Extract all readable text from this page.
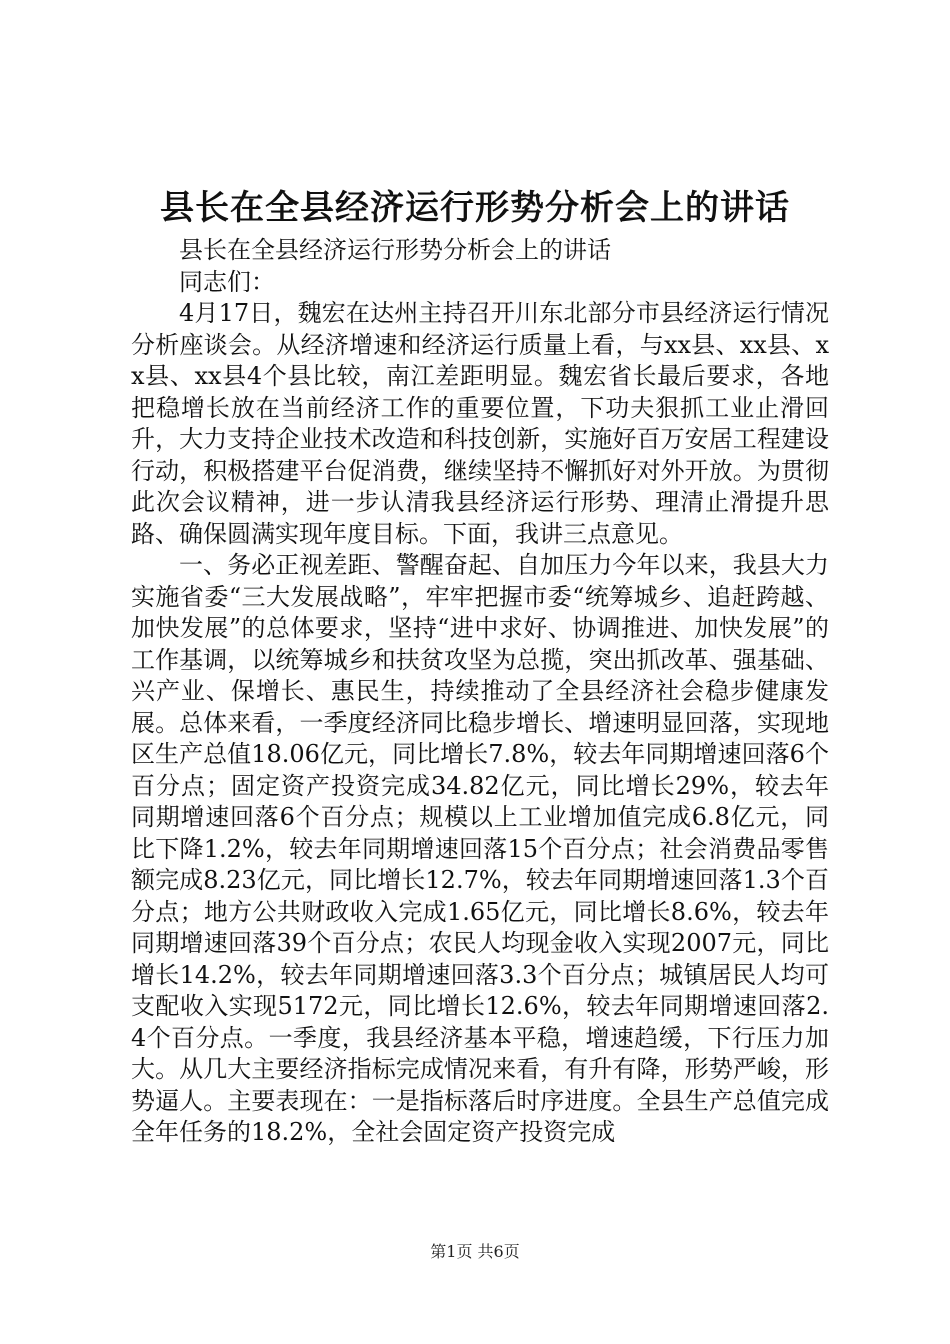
县长在全县经济运行形势分析会上的讲话

县长在全县经济运行形势分析会上的讲话

同志们：

4月17日，魏宏在达州主持召开川东北部分市县经济运行情况分析座谈会。从经济增速和经济运行质量上看，与xx县、xx县、xx县、xx县4个县比较，南江差距明显。魏宏省长最后要求，各地把稳增长放在当前经济工作的重要位置，下功夫狠抓工业止滑回升，大力支持企业技术改造和科技创新，实施好百万安居工程建设行动，积极搭建平台促消费，继续坚持不懈抓好对外开放。为贯彻此次会议精神，进一步认清我县经济运行形势、理清止滑提升思路、确保圆满实现年度目标。下面，我讲三点意见。

一、务必正视差距、警醒奋起、自加压力今年以来，我县大力实施省委“三大发展战略”，牢牢把握市委“统筹城乡、追赶跨越、加快发展”的总体要求，坚持“进中求好、协调推进、加快发展”的工作基调，以统筹城乡和扶贫攻坚为总揽，突出抓改革、强基础、兴产业、保增长、惠民生，持续推动了全县经济社会稳步健康发展。总体来看，一季度经济同比稳步增长、增速明显回落，实现地区生产总值18.06亿元，同比增长7.8%，较去年同期增速回落6个百分点；固定资产投资完成34.82亿元，同比增长29%，较去年同期增速回落6个百分点；规模以上工业增加值完成6.8亿元，同比下降1.2%，较去年同期增速回落15个百分点；社会消费品零售额完成8.23亿元，同比增长12.7%，较去年同期增速回落1.3个百分点；地方公共财政收入完成1.65亿元，同比增长8.6%，较去年同期增速回落39个百分点；农民人均现金收入实现2007元，同比增长14.2%，较去年同期增速回落3.3个百分点；城镇居民人均可支配收入实现5172元，同比增长12.6%，较去年同期增速回落2.4个百分点。一季度，我县经济基本平稳，增速趋缓，下行压力加大。从几大主要经济指标完成情况来看，有升有降，形势严峻，形势逼人。主要表现在：一是指标落后时序进度。全县生产总值完成全年任务的18.2%，全社会固定资产投资完成

第1页 共6页
